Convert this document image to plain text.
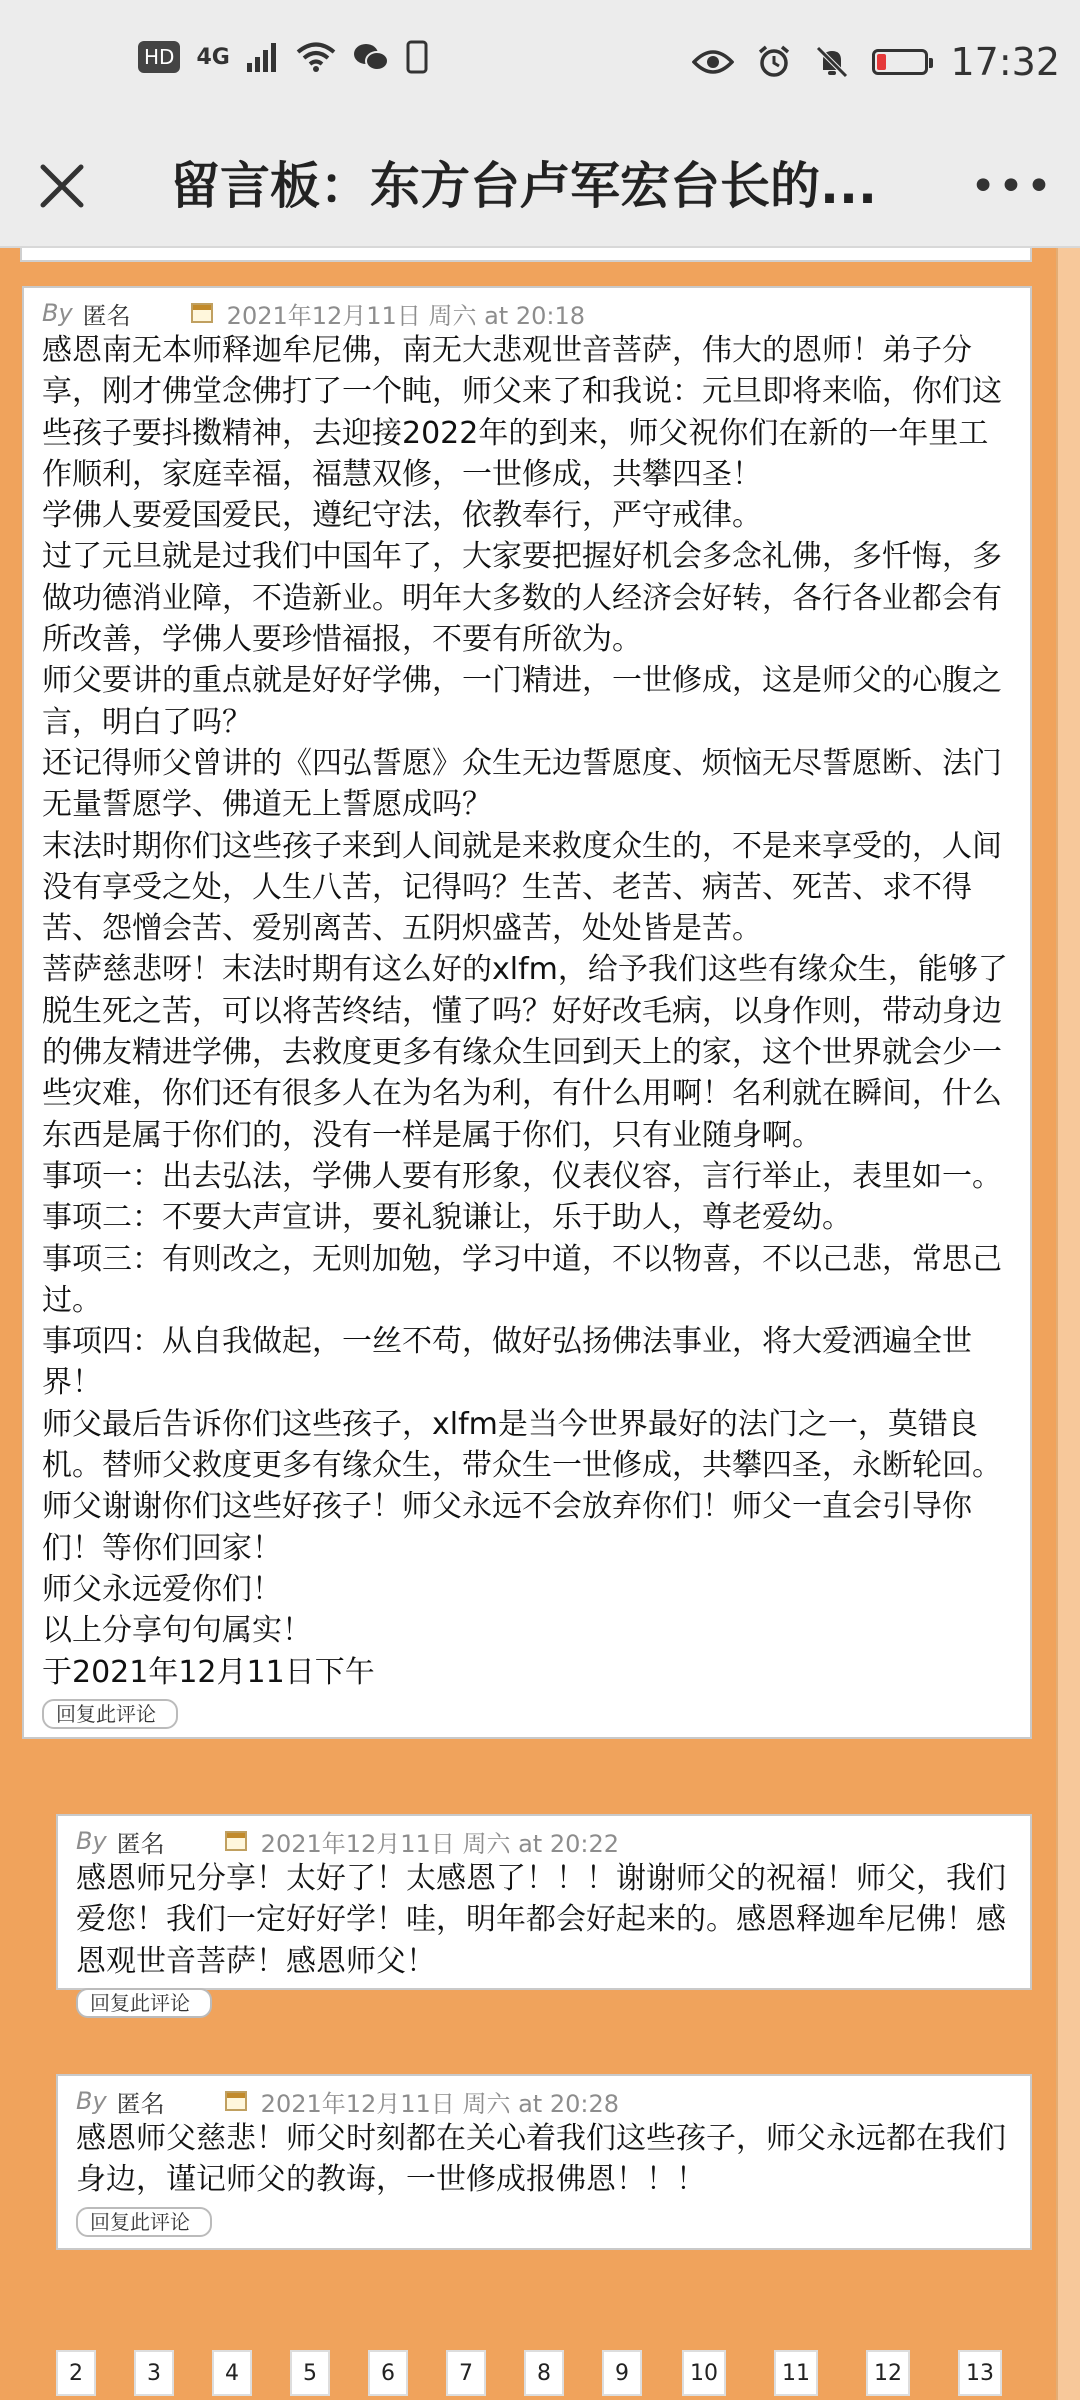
HD 4G	17:32
留言板：东方台卢军宏台长的... •••
By 匿名	2021年12月11日 周六 at 20:18

感恩南无本师释迦牟尼佛，南无大悲观世音菩萨，伟大的恩师！弟子分享，刚才佛堂念佛打了一个盹，师父来了和我说：元旦即将来临，你们这些孩子要抖擞精神，去迎接2022年的到来，师父祝你们在新的一年里工作顺利，家庭幸福，福慧双修，一世修成，共攀四圣！

学佛人要爱国爱民，遵纪守法，依教奉行，严守戒律。

过了元旦就是过我们中国年了，大家要把握好机会多念礼佛，多忏悔，多做功德消业障，不造新业。明年大多数的人经济会好转，各行各业都会有所改善，学佛人要珍惜福报，不要有所欲为。

师父要讲的重点就是好好学佛，一门精进，一世修成，这是师父的心腹之言，明白了吗？

还记得师父曾讲的《四弘誓愿》众生无边誓愿度、烦恼无尽誓愿断、法门无量誓愿学、佛道无上誓愿成吗？

末法时期你们这些孩子来到人间就是来救度众生的，不是来享受的，人间没有享受之处，人生八苦，记得吗？生苦、老苦、病苦、死苦、求不得苦、怨憎会苦、爱别离苦、五阴炽盛苦，处处皆是苦。

菩萨慈悲呀！末法时期有这么好的xlfm，给予我们这些有缘众生，能够了脱生死之苦，可以将苦终结，懂了吗？好好改毛病，以身作则，带动身边的佛友精进学佛，去救度更多有缘众生回到天上的家，这个世界就会少一些灾难，你们还有很多人在为名为利，有什么用啊！名利就在瞬间，什么东西是属于你们的，没有一样是属于你们，只有业随身啊。

事项一：出去弘法，学佛人要有形象，仪表仪容，言行举止，表里如一。

事项二：不要大声宣讲，要礼貌谦让，乐于助人，尊老爱幼。

事项三：有则改之，无则加勉，学习中道，不以物喜，不以己悲，常思己过。

事项四：从自我做起，一丝不苟，做好弘扬佛法事业，将大爱洒遍全世界！

师父最后告诉你们这些孩子，xlfm是当今世界最好的法门之一，莫错良机。替师父救度更多有缘众生，带众生一世修成，共攀四圣，永断轮回。

师父谢谢你们这些好孩子！师父永远不会放弃你们！师父一直会引导你们！等你们回家！

师父永远爱你们！

以上分享句句属实！

于2021年12月11日下午

回复此评论
By 匿名	2021年12月11日 周六 at 20:22

感恩师兄分享！太好了！太感恩了！！！谢谢师父的祝福！师父，我们爱您！我们一定好好学！哇，明年都会好起来的。感恩释迦牟尼佛！感恩观世音菩萨！感恩师父！

回复此评论
By 匿名	2021年12月11日 周六 at 20:28

感恩师父慈悲！师父时刻都在关心着我们这些孩子，师父永远都在我们身边，谨记师父的教诲，一世修成报佛恩！！！

回复此评论
2	3	4	5	6	7	8	9	10	11	12	13
